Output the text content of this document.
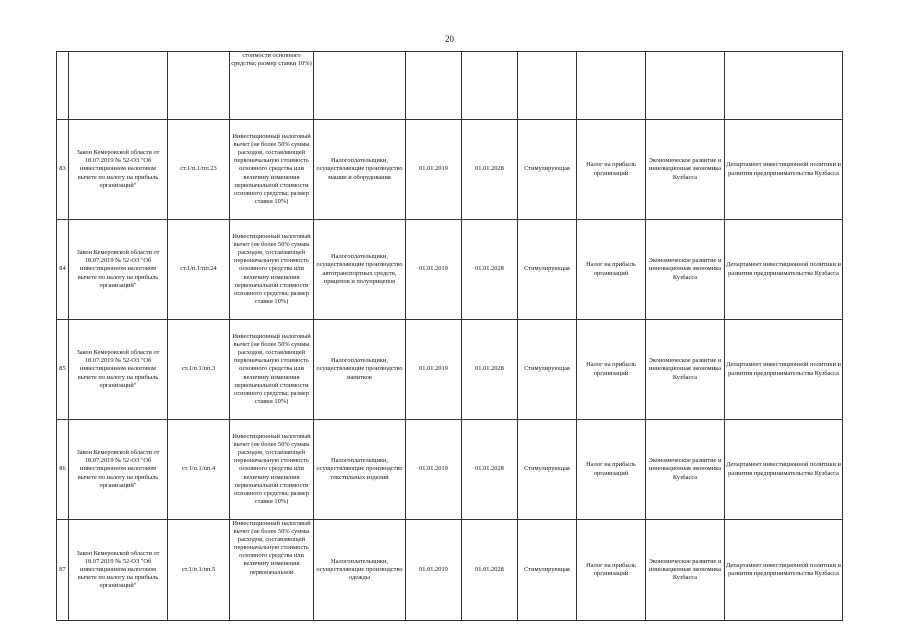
20
			стоимости основного средства; размер ставки 10%)							
83	Закон Кемеровской области от 18.07.2019 № 52-ОЗ "Об инвестиционном налоговом вычете по налогу на прибыль организаций"	ст.1/п.1/пп.23	Инвестиционный налоговый вычет (не более 50% суммы расходов, составляющей первоначальную стоимость основного средства или величину изменения первоначальной стоимости основного средства; размер ставки 10%)	Налогоплательщики, осуществляющие производство машин и оборудования	01.01.2019	01.01.2028	Стимулирующая	Налог на прибыль организаций	Экономическое развитие и инновационная экономика Кузбасса	Департамент инвестиционной политики и развития предпринимательства Кузбасса
84	Закон Кемеровской области от 18.07.2019 № 52-ОЗ "Об инвестиционном налоговом вычете по налогу на прибыль организаций"	ст.1/п.1/пп.24	Инвестиционный налоговый вычет (не более 50% суммы расходов, составляющей первоначальную стоимость основного средства или величину изменения первоначальной стоимости основного средства; размер ставки 10%)	Налогоплательщики, осуществляющие производство автотранспортных средств, прицепов и полуприцепов	01.01.2019	01.01.2028	Стимулирующая	Налог на прибыль организаций	Экономическое развитие и инновационная экономика Кузбасса	Департамент инвестиционной политики и развития предпринимательства Кузбасса
85	Закон Кемеровской области от 18.07.2019 № 52-ОЗ "Об инвестиционном налоговом вычете по налогу на прибыль организаций"	ст.1/п.1/пп.3	Инвестиционный налоговый вычет (не более 50% суммы расходов, составляющей первоначальную стоимость основного средства или величину изменения первоначальной стоимости основного средства; размер ставки 10%)	Налогоплательщики, осуществляющие производство напитков	01.01.2019	01.01.2028	Стимулирующая	Налог на прибыль организаций	Экономическое развитие и инновационная экономика Кузбасса	Департамент инвестиционной политики и развития предпринимательства Кузбасса
86	Закон Кемеровской области от 18.07.2019 № 52-ОЗ "Об инвестиционном налоговом вычете по налогу на прибыль организаций"	ст.1/п.1/пп.4	Инвестиционный налоговый вычет (не более 50% суммы расходов, составляющей первоначальную стоимость основного средства или величину изменения первоначальной стоимости основного средства; размер ставки 10%)	Налогоплательщики, осуществляющие производство текстильных изделий	01.01.2019	01.01.2028	Стимулирующая	Налог на прибыль организаций	Экономическое развитие и инновационная экономика Кузбасса	Департамент инвестиционной политики и развития предпринимательства Кузбасса
87	Закон Кемеровской области от 18.07.2019 № 52-ОЗ "Об инвестиционном налоговом вычете по налогу на прибыль организаций"	ст.1/п.1/пп.5	Инвестиционный налоговый вычет (не более 50% суммы расходов, составляющей первоначальную стоимость основного средства или величину изменения первоначальной	Налогоплательщики, осуществляющие производство одежды	01.01.2019	01.01.2028	Стимулирующая	Налог на прибыль организаций	Экономическое развитие и инновационная экономика Кузбасса	Департамент инвестиционной политики и развития предпринимательства Кузбасса
